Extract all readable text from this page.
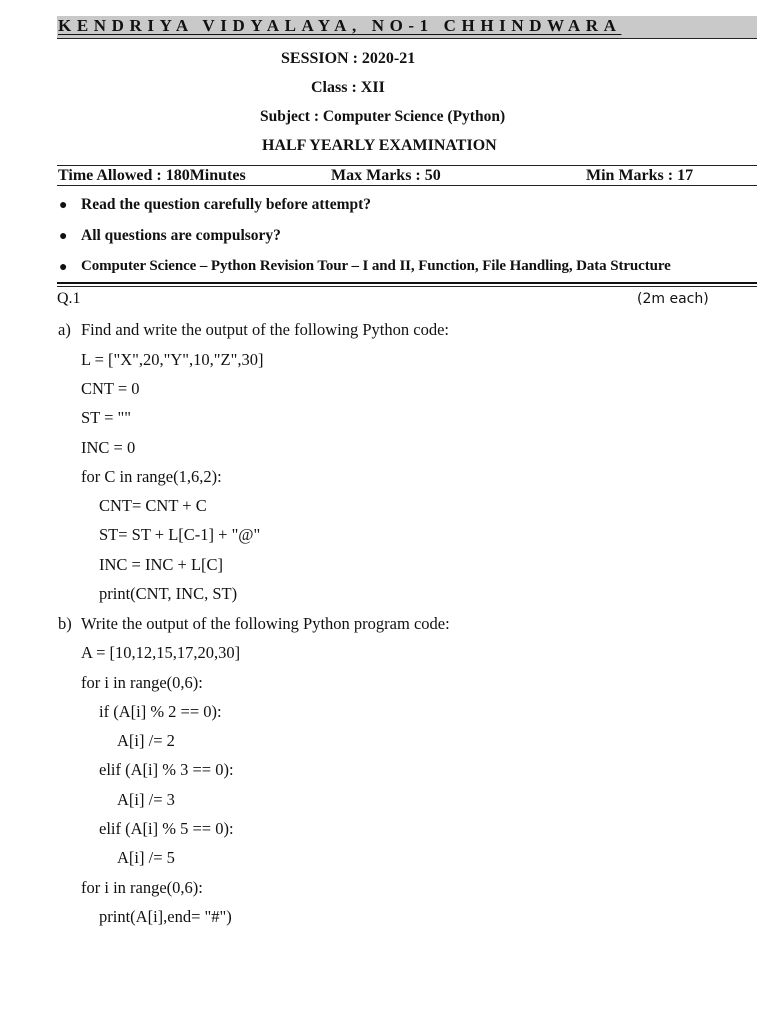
KENDRIYA VIDYALAYA, NO-1 CHHINDWARA
SESSION : 2020-21
Class : XII
Subject : Computer Science (Python)
HALF YEARLY EXAMINATION
Time Allowed : 180Minutes	Max Marks : 50	Min Marks : 17
● Read the question carefully before attempt?
● All questions are compulsory?
● Computer Science – Python Revision Tour – I and II, Function, File Handling, Data Structure
Q.1	(2m each)
a) Find and write the output of the following Python code:
L = ["X",20,"Y",10,"Z",30]
CNT = 0
ST = ""
INC = 0
for C in range(1,6,2):
CNT= CNT + C
ST= ST + L[C-1] + "@"
INC = INC + L[C]
print(CNT, INC, ST)
b) Write the output of the following Python program code:
A = [10,12,15,17,20,30]
for i in range(0,6):
if (A[i] % 2 == 0):
A[i] /= 2
elif (A[i] % 3 == 0):
A[i] /= 3
elif (A[i] % 5 == 0):
A[i] /= 5
for i in range(0,6):
print(A[i],end= "#")
